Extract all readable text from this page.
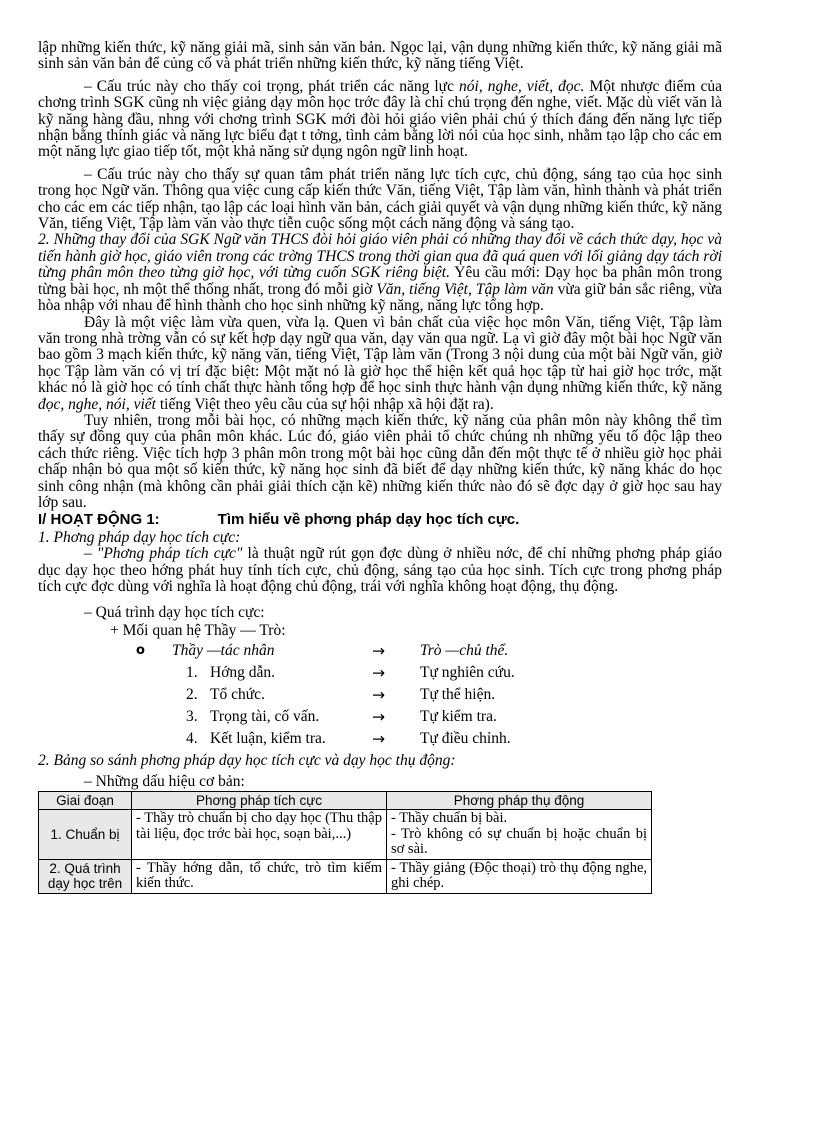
lập những kiến thức, kỹ năng giải mã, sinh sản văn bản. Ngọc lại, vận dụng những kiến thức, kỹ năng giải mã sinh sản văn bản để củng cố và phát triển những kiến thức, kỹ năng tiếng Việt.

– Cấu trúc này cho thấy coi trọng, phát triển các năng lực nói, nghe, viết, đọc. Một nhược điểm của chơng trình SGK cũng nh việc giảng dạy môn học trớc đây là chỉ chú trọng đến nghe, viết. Mặc dù viết văn là kỹ năng hàng đầu, nhng với chơng trình SGK mới đòi hỏi giáo viên phải chú ý thích đáng đến năng lực tiếp nhận bằng thính giác và năng lực biểu đạt t tởng, tình cảm bằng lời nói của học sinh, nhằm tạo lập cho các em một năng lực giao tiếp tốt, một khả năng sử dụng ngôn ngữ linh hoạt.

– Cấu trúc này cho thấy sự quan tâm phát triển năng lực tích cực, chủ động, sáng tạo của học sinh trong học Ngữ văn. Thông qua việc cung cấp kiến thức Văn, tiếng Việt, Tập làm văn, hình thành và phát triển cho các em các tiếp nhận, tạo lập các loại hình văn bản, cách giải quyết và vận dụng những kiến thức, kỹ năng Văn, tiếng Việt, Tập làm văn vào thực tiễn cuộc sống một cách năng động và sáng tạo.

2. Những thay đổi của SGK Ngữ văn THCS đòi hỏi giáo viên phải có những thay đổi về cách thức dạy, học và tiến hành giờ học, giáo viên trong các trờng THCS trong thời gian qua đã quá quen với lối giảng dạy tách rời từng phân môn theo từng giờ học, với từng cuốn SGK riêng biệt. Yêu cầu mới: Dạy học ba phân môn trong từng bài học, nh một thể thống nhất, trong đó mỗi giờ Văn, tiếng Việt, Tập làm văn vừa giữ bản sắc riêng, vừa hòa nhập với nhau để hình thành cho học sinh những kỹ năng, năng lực tổng hợp.

Đây là một việc làm vừa quen, vừa lạ. Quen vì bản chất của việc học môn Văn, tiếng Việt, Tập làm văn trong nhà trờng vẫn có sự kết hợp dạy ngữ qua văn, dạy văn qua ngữ. Lạ vì giờ đây một bài học Ngữ văn bao gồm 3 mạch kiến thức, kỹ năng văn, tiếng Việt, Tập làm văn (Trong 3 nội dung của một bài Ngữ văn, giờ học Tập làm văn có vị trí đặc biệt: Một mặt nó là giờ học thể hiện kết quả học tập từ hai giờ học trớc, mặt khác nó là giờ học có tính chất thực hành tổng hợp để học sinh thực hành vận dụng những kiến thức, kỹ năng đọc, nghe, nói, viết tiếng Việt theo yêu cầu của sự hội nhập xã hội đặt ra).

Tuy nhiên, trong mỗi bài học, có những mạch kiến thức, kỹ năng của phân môn này không thể tìm thấy sự đồng quy của phân môn khác. Lúc đó, giáo viên phải tổ chức chúng nh những yếu tố độc lập theo cách thức riêng. Việc tích hợp 3 phân môn trong một bài học cũng dẫn đến một thực tế ở nhiều giờ học phải chấp nhận bỏ qua một số kiến thức, kỹ năng học sinh đã biết để dạy những kiến thức, kỹ năng khác do học sinh công nhận (mà không cần phải giải thích cặn kẽ) những kiến thức nào đó sẽ đợc dạy ở giờ học sau hay lớp sau.

I/ HOẠT ĐỘNG 1:	Tìm hiểu về phơng pháp dạy học tích cực.

1. Phơng pháp dạy học tích cực:

– "Phơng pháp tích cực" là thuật ngữ rút gọn đợc dùng ở nhiều nớc, để chỉ những phơng pháp giáo dục dạy học theo hớng phát huy tính tích cực, chủ động, sáng tạo của học sinh. Tích cực trong phơng pháp tích cực đợc dùng với nghĩa là hoạt động chủ động, trái với nghĩa không hoạt động, thụ động.

– Quá trình dạy học tích cực:

+ Mối quan hệ Thầy — Trò:

o	Thầy —tác nhân	→	Trò —chủ thể.
1. Hớng dẫn.	→	Tự nghiên cứu.
2. Tổ chức.	→	Tự thể hiện.
3. Trọng tài, cố vấn.	→	Tự kiểm tra.
4. Kết luận, kiểm tra.	→	Tự điều chỉnh.

2. Bảng so sánh phơng pháp dạy học tích cực và dạy học thụ động:

– Những dấu hiệu cơ bản:

Giai đoạn	Phơng pháp tích cực	Phơng pháp thụ động
1. Chuẩn bị	- Thầy trò chuẩn bị cho dạy học (Thu thập tài liệu, đọc trớc bài học, soạn bài,...)	- Thầy chuẩn bị bài.
- Trò không có sự chuẩn bị hoặc chuẩn bị sơ sài.
2. Quá trình dạy học trên	- Thầy hớng dẫn, tổ chức, trò tìm kiếm kiến thức.	- Thầy giảng (Độc thoại) trò thụ động nghe, ghi chép.
